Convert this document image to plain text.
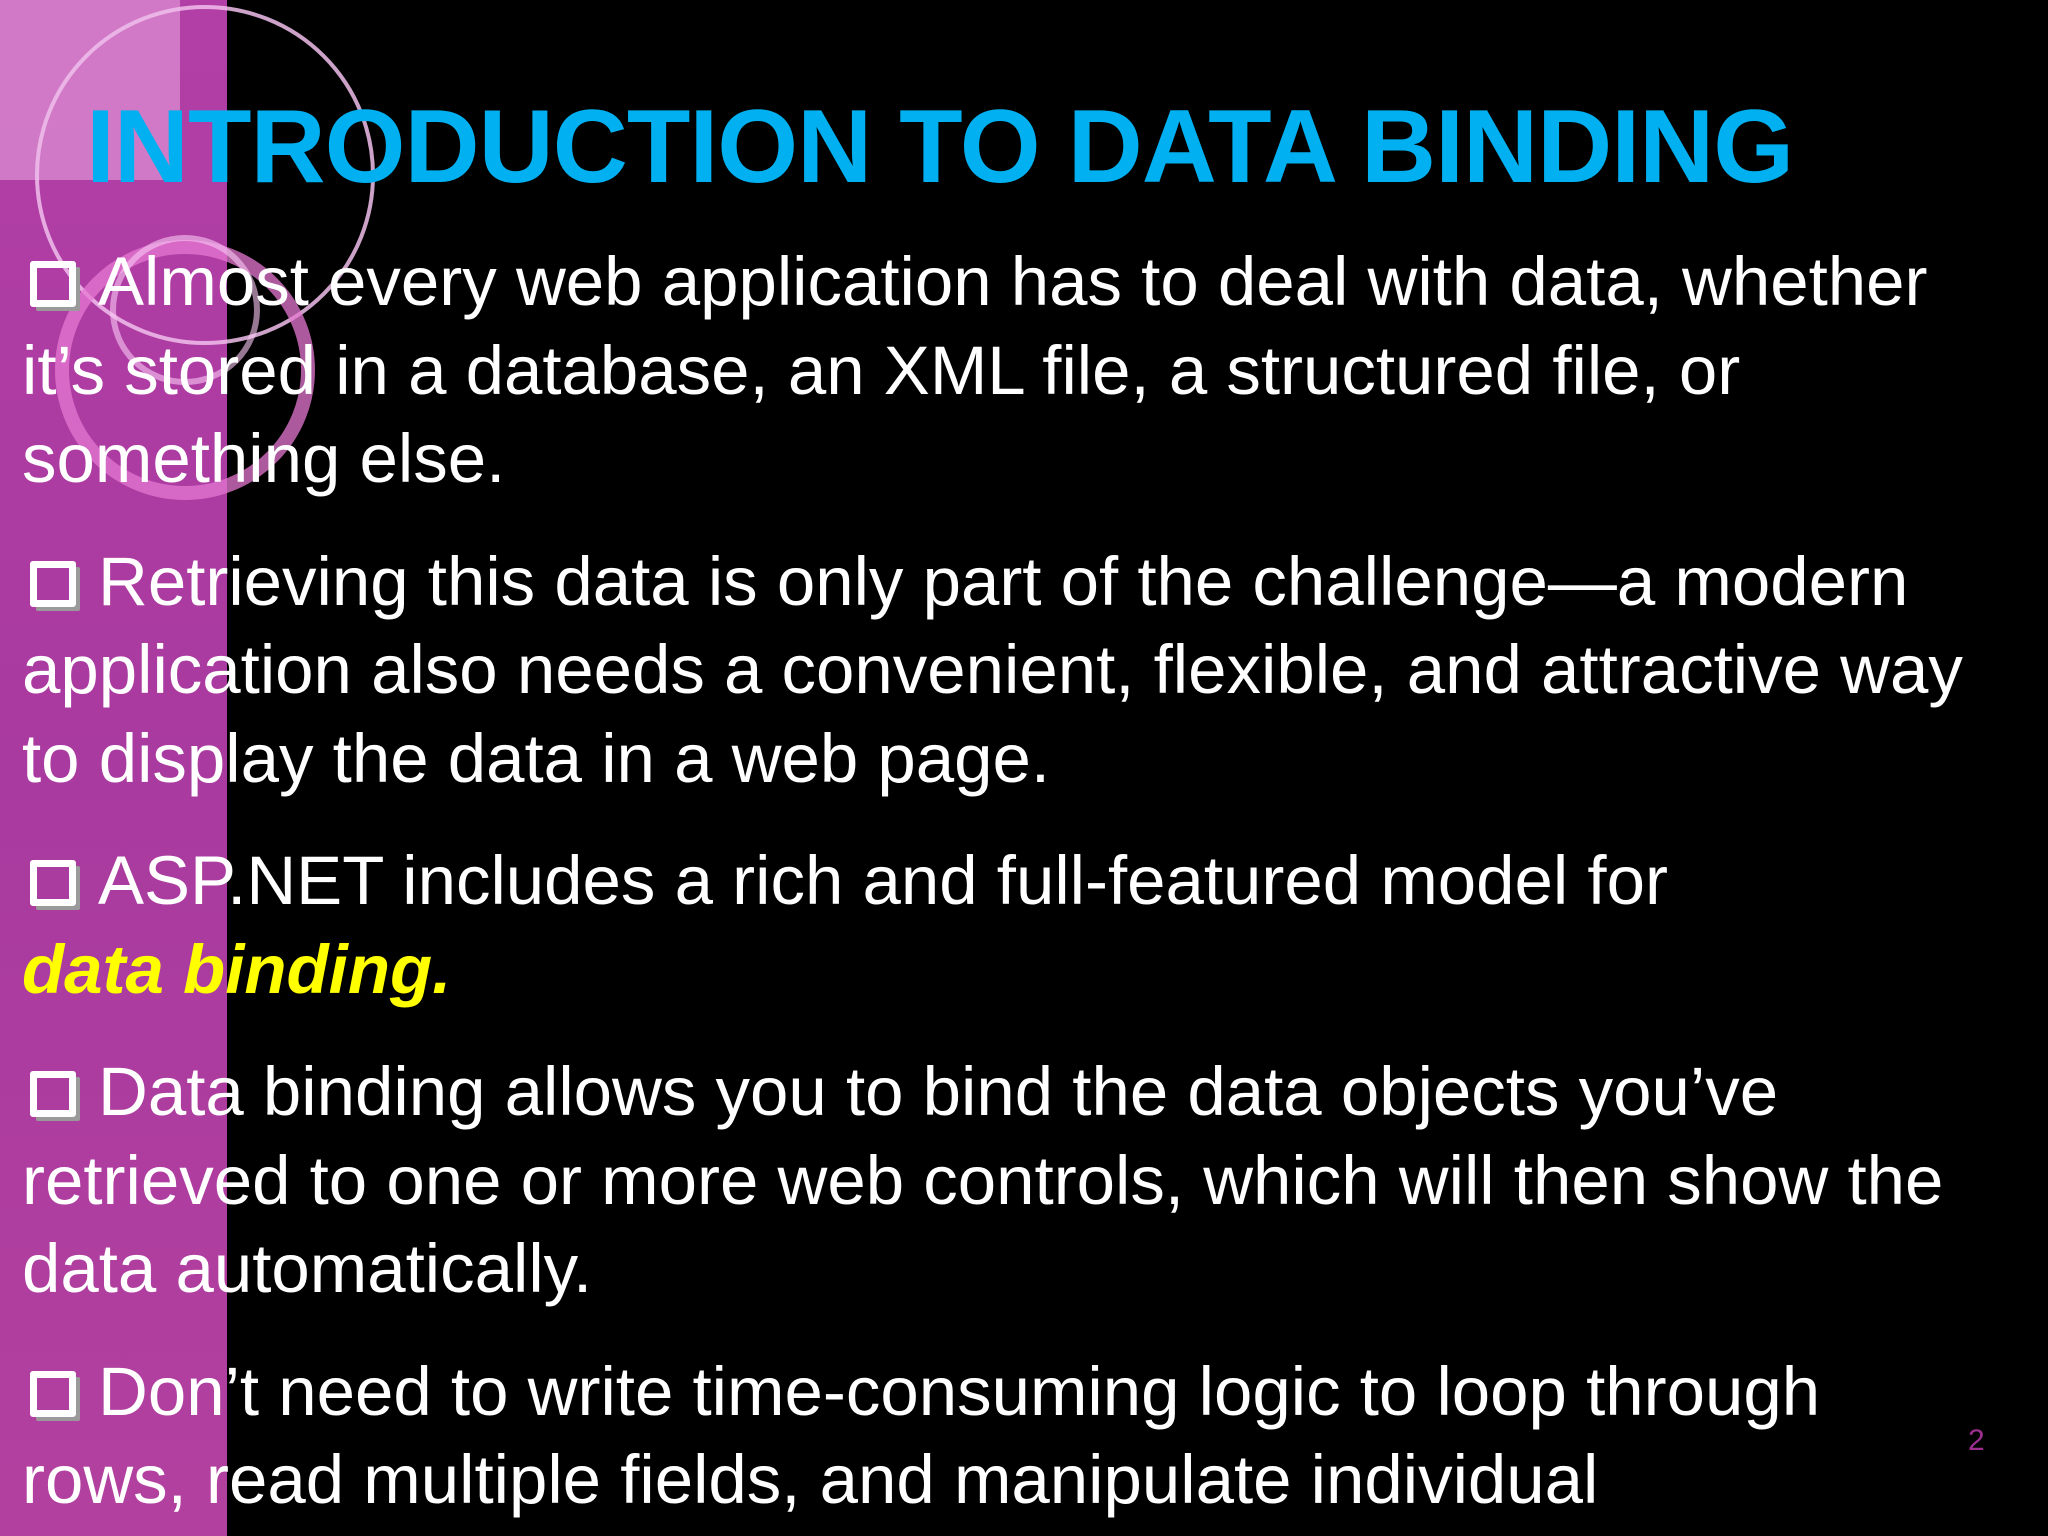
INTRODUCTION TO DATA BINDING

Almost every web application has to deal with data, whether it’s stored in a database, an XML file, a structured file, or something else.

Retrieving this data is only part of the challenge—a modern application also needs a convenient, flexible, and attractive way to display the data in a web page.

ASP.NET includes a rich and full-featured model for
data binding.

Data binding allows you to bind the data objects you’ve retrieved to one or more web controls, which will then show the data automatically.

Don’t need to write time-consuming logic to loop through rows, read multiple fields, and manipulate individual

2
